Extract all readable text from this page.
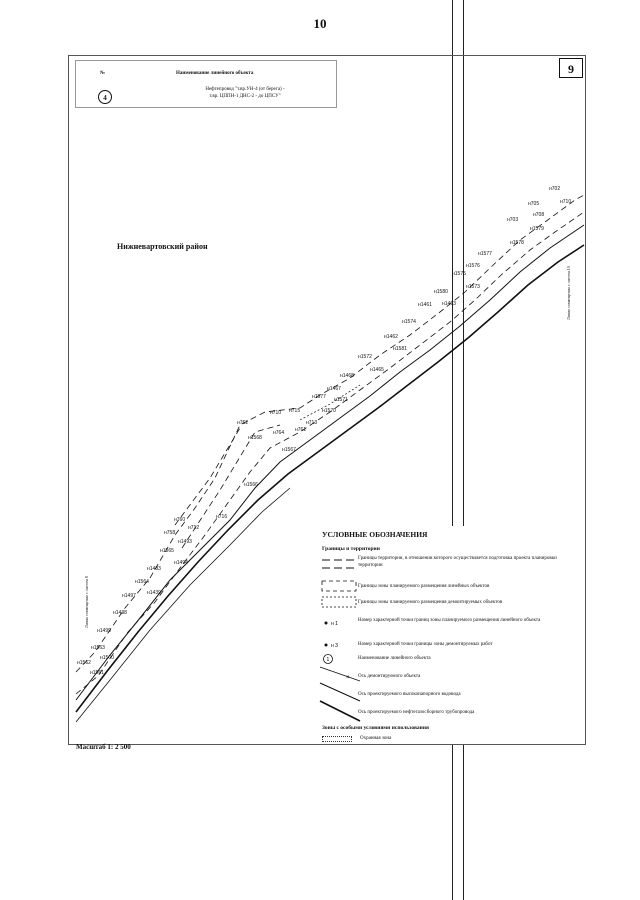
10
9
№	Наименование линейного объекта
4
Нефтепровод "т.вр.УН-4 (от берега) -
т.вр. ЦППН-1 ДНС-2 - до ЦПСУ"
Нижневартовский район
н702
н705	н710
н708
н703
н1579
н1578
н1577
н1576
н1575
н1573
н1580
н1461 н1463
н1574
н1462
н1581
н1572
н1465
н1468
н1467
н1577 н1571
н1570
н713
н710 н715
н762
н764 н761
н1568
н1567
н1566
н716
н760
н712
н758
н1493
н1565
н1494
н1483
н1564
н1439
н1497
н1438
н1499
н1563
н1500
н1562
н1561
Линия совмещения с листом 10
Линия совмещения с листом 8
УСЛОВНЫЕ ОБОЗНАЧЕНИЯ
Границы и территории
н 1
н 3
1
×
Границы территории, в отношении которого осуществляется подготовка проекта планировки территории
Границы зоны планируемого размещения линейных объектов
Границы зоны планируемого размещения демонтируемых объектов
Номер характерной точки границ зоны планируемого размещения линейного объекта
Номер характерной точки границы зоны демонтируемых работ
Наименование линейного объекта
Ось демонтируемого объекта
Ось проектируемого высоконапорного водовода
Ось проектируемого нефтегазосборного трубопровода
Зоны с особыми условиями использования
Охранная зона
Масштаб 1: 2 500
